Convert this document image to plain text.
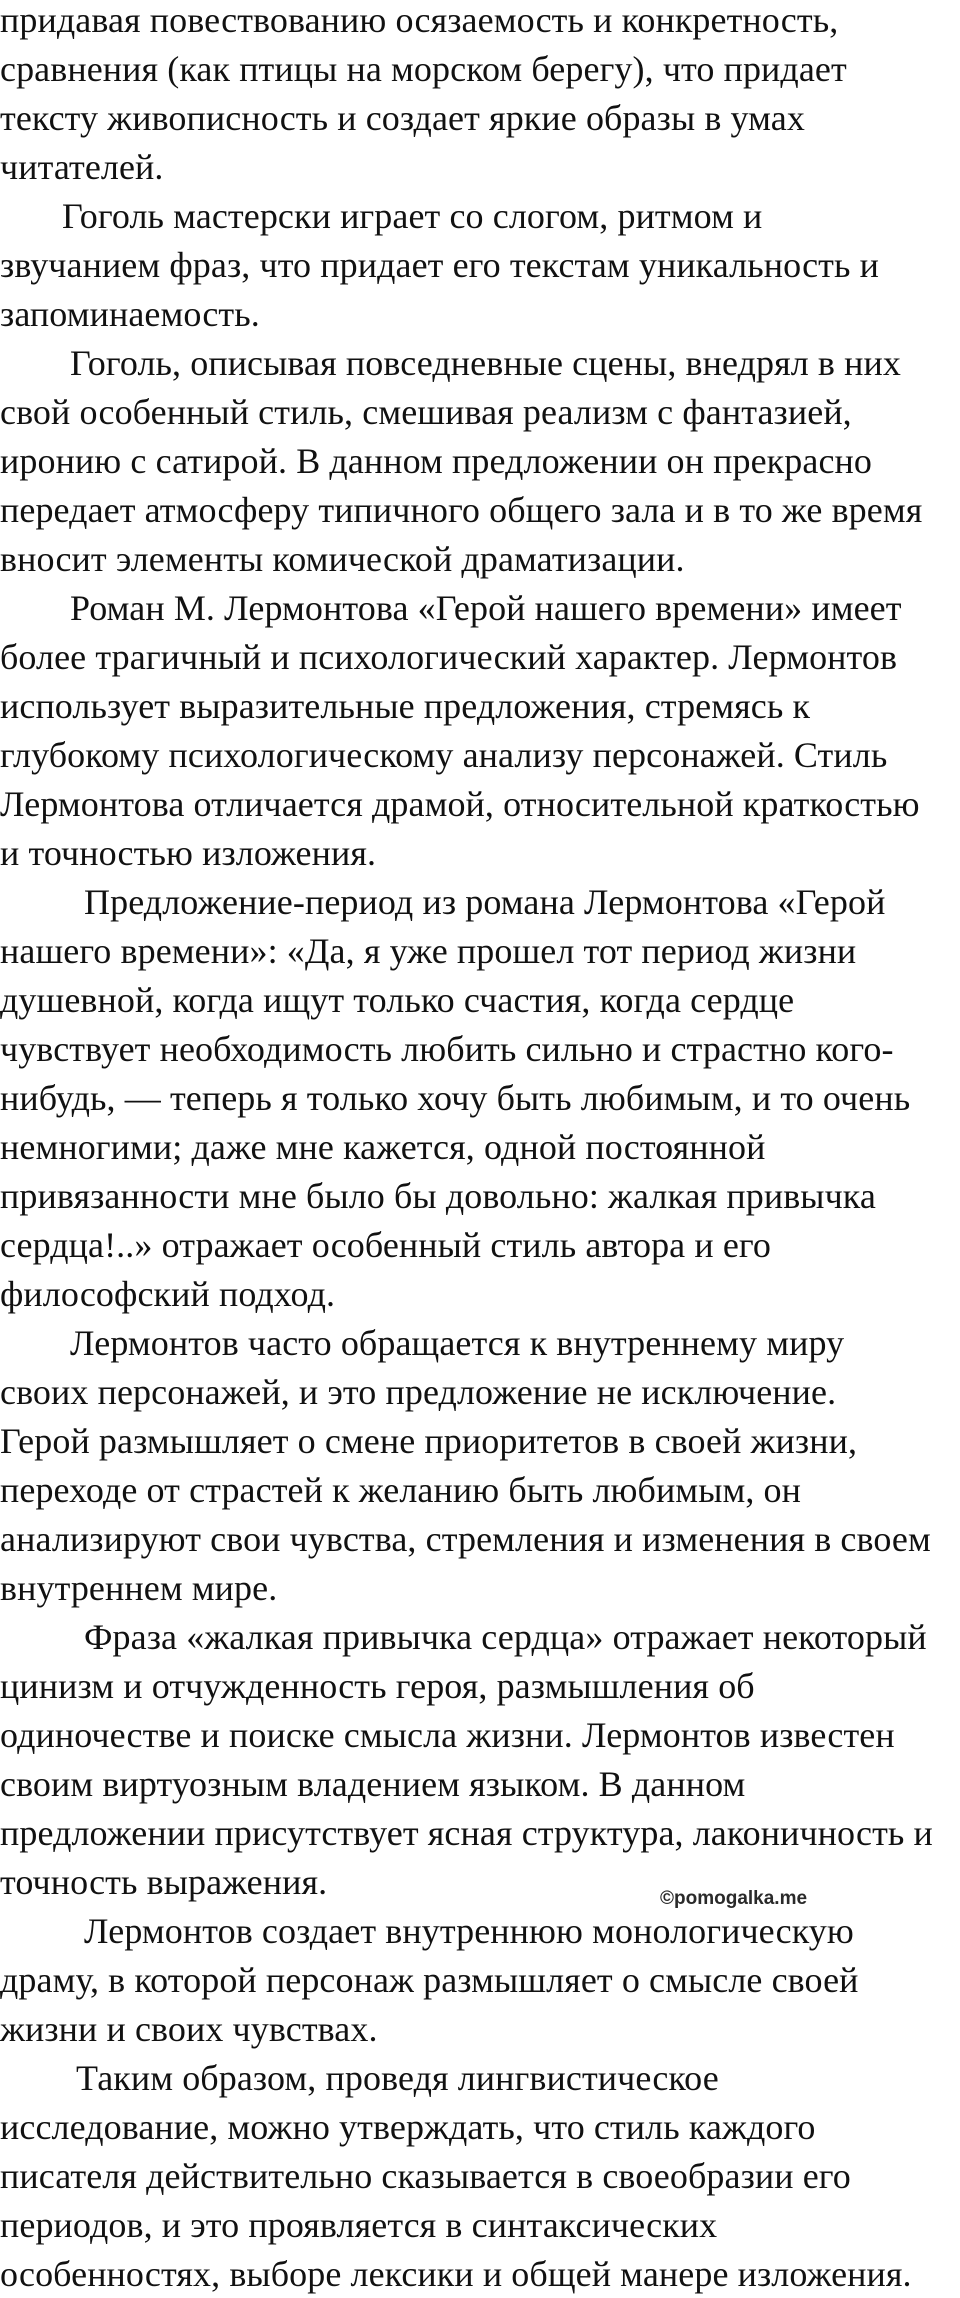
придавая повествованию осязаемость и конкретность,

сравнения (как птицы на морском берегу), что придает

тексту живописность и создает яркие образы в умах

читателей.

Гоголь мастерски играет со слогом, ритмом и

звучанием фраз, что придает его текстам уникальность и

запоминаемость.

Гоголь, описывая повседневные сцены, внедрял в них

свой особенный стиль, смешивая реализм с фантазией,

иронию с сатирой. В данном предложении он прекрасно

передает атмосферу типичного общего зала и в то же время

вносит элементы комической драматизации.

Роман М. Лермонтова «Герой нашего времени» имеет

более трагичный и психологический характер. Лермонтов

использует выразительные предложения, стремясь к

глубокому психологическому анализу персонажей. Стиль

Лермонтова отличается драмой, относительной краткостью

и точностью изложения.

Предложение-период из романа Лермонтова «Герой

нашего времени»: «Да, я уже прошел тот период жизни

душевной, когда ищут только счастия, когда сердце

чувствует необходимость любить сильно и страстно кого-

нибудь, — теперь я только хочу быть любимым, и то очень

немногими; даже мне кажется, одной постоянной

привязанности мне было бы довольно: жалкая привычка

сердца!..» отражает особенный стиль автора и его

философский подход.

Лермонтов часто обращается к внутреннему миру

своих персонажей, и это предложение не исключение.

Герой размышляет о смене приоритетов в своей жизни,

переходе от страстей к желанию быть любимым, он

анализируют свои чувства, стремления и изменения в своем

внутреннем мире.

Фраза «жалкая привычка сердца» отражает некоторый

цинизм и отчужденность героя, размышления об

одиночестве и поиске смысла жизни. Лермонтов известен

своим виртуозным владением языком. В данном

предложении присутствует ясная структура, лаконичность и

точность выражения.

Лермонтов создает внутреннюю монологическую

драму, в которой персонаж размышляет о смысле своей

жизни и своих чувствах.

Таким образом, проведя лингвистическое

исследование, можно утверждать, что стиль каждого

писателя действительно сказывается в своеобразии его

периодов, и это проявляется в синтаксических

особенностях, выборе лексики и общей манере изложения.

©pomogalka.me
